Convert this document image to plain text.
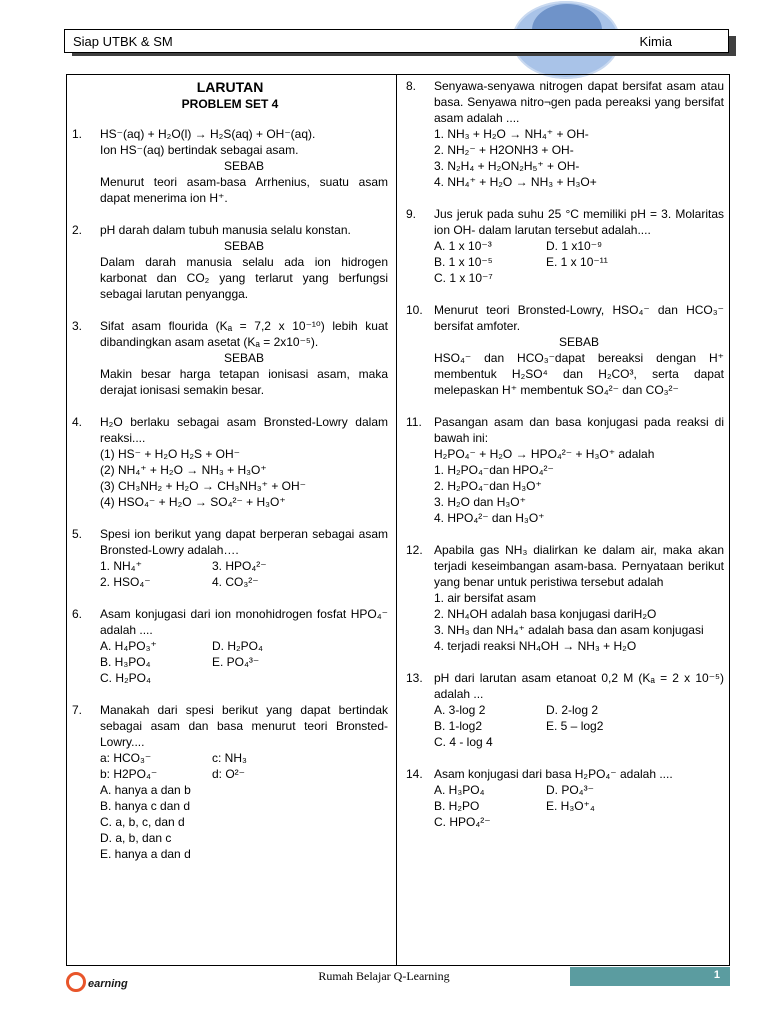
Siap UTBK & SM	Kimia
LARUTAN
PROBLEM SET 4
1. HS⁻(aq) + H₂O(l) → H₂S(aq) + OH⁻(aq).

Ion HS⁻(aq) bertindak sebagai asam.

SEBAB

Menurut teori asam-basa Arrhenius, suatu asam dapat menerima ion H⁺.

2. pH darah dalam tubuh manusia selalu konstan.

SEBAB

Dalam darah manusia selalu ada ion hidrogen karbonat dan CO₂ yang terlarut yang berfungsi sebagai larutan penyangga.

3. Sifat asam flourida (Kₐ = 7,2 x 10⁻¹⁰) lebih kuat dibandingkan asam asetat (Kₐ = 2x10⁻⁵).

SEBAB

Makin besar harga tetapan ionisasi asam, maka derajat ionisasi semakin besar.

4. H₂O berlaku sebagai asam Bronsted-Lowry dalam reaksi....

(1) HS⁻ + H₂O H₂S + OH⁻

(2) NH₄⁺ + H₂O → NH₃ + H₃O⁺

(3) CH₃NH₂ + H₂O → CH₃NH₃⁺ + OH⁻

(4) HSO₄⁻ + H₂O → SO₄²⁻ + H₃O⁺

5. Spesi ion berikut yang dapat berperan sebagai asam Bronsted-Lowry adalah….

1. NH₄⁺	3. HPO₄²⁻
2. HSO₄⁻	4. CO₃²⁻
6. Asam konjugasi dari ion monohidrogen fosfat HPO₄⁻ adalah ....

A. H₄PO₃⁺	D. H₂PO₄
B. H₃PO₄	E. PO₄³⁻
C. H₂PO₄
7. Manakah dari spesi berikut yang dapat bertindak sebagai asam dan basa menurut teori Bronsted-Lowry....

a: HCO₃⁻	c: NH₃
b: H2PO₄⁻	d: O²⁻

A. hanya a dan b

B. hanya c dan d

C. a, b, c, dan d

D. a, b, dan c

E. hanya a dan d

8. Senyawa-senyawa nitrogen dapat bersifat asam atau basa. Senyawa nitro¬gen pada pereaksi yang bersifat asam adalah ....

1. NH₃ + H₂O → NH₄⁺ + OH-

2. NH₂⁻ + H2ONH3 + OH-

3. N₂H₄ + H₂ON₂H₅⁺ + OH-

4. NH₄⁺ + H₂O → NH₃ + H₃O+

9. Jus jeruk pada suhu 25 °C memiliki pH = 3. Molaritas ion OH- dalam larutan tersebut adalah....

A. 1 x 10⁻³	D. 1 x10⁻⁹
B. 1 x 10⁻⁵	E. 1 x 10⁻¹¹
C. 1 x 10⁻⁷
10. Menurut teori Bronsted-Lowry, HSO₄⁻ dan HCO₃⁻ bersifat amfoter.

SEBAB

HSO₄⁻ dan HCO₃⁻dapat bereaksi dengan H⁺ membentuk H₂SO⁴ dan H₂CO³, serta dapat melepaskan H⁺ membentuk SO₄²⁻ dan CO₃²⁻

11. Pasangan asam dan basa konjugasi pada reaksi di bawah ini:

H₂PO₄⁻ + H₂O → HPO₄²⁻ + H₃O⁺ adalah

1. H₂PO₄⁻dan HPO₄²⁻

2. H₂PO₄⁻dan H₃O⁺

3. H₂O dan H₃O⁺

4. HPO₄²⁻ dan H₃O⁺

12. Apabila gas NH₃ dialirkan ke dalam air, maka akan terjadi keseimbangan asam-basa. Pernyataan berikut yang benar untuk peristiwa tersebut adalah

1. air bersifat asam

2. NH₄OH adalah basa konjugasi dariH₂O

3. NH₃ dan NH₄⁺ adalah basa dan asam konjugasi

4. terjadi reaksi NH₄OH → NH₃ + H₂O

13. pH dari larutan asam etanoat 0,2 M (Kₐ = 2 x 10⁻⁵) adalah ...

A. 3-log 2	D. 2-log 2
B. 1-log2	E. 5 – log2
C. 4 - log 4
14. Asam konjugasi dari basa H₂PO₄⁻ adalah ....

A. H₃PO₄	D. PO₄³⁻
B. H₂PO	E. H₃O⁺₄
C. HPO₄²⁻
earning
Rumah Belajar Q-Learning	1
